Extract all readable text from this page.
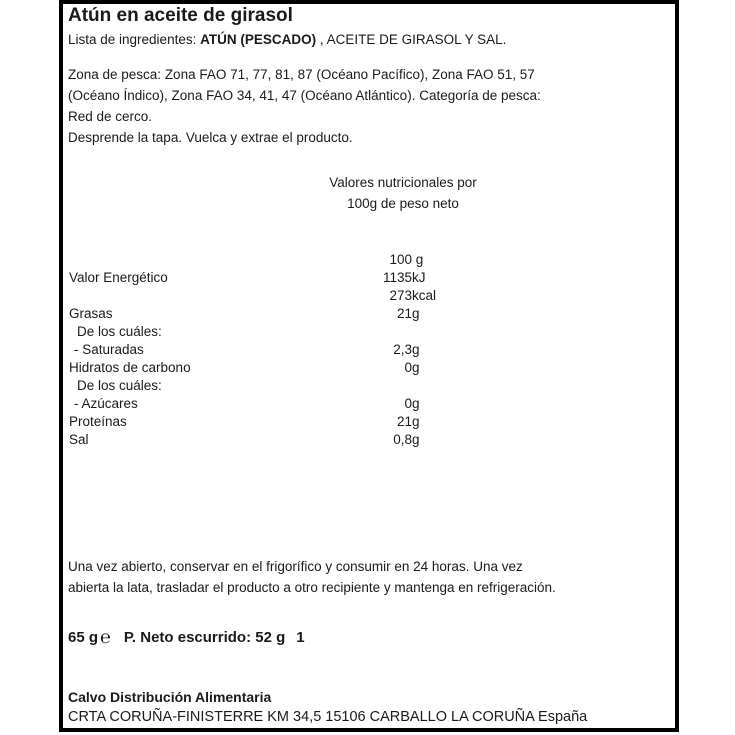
Atún en aceite de girasol
Lista de ingredientes: ATÚN (PESCADO) , ACEITE DE GIRASOL Y SAL.
Zona de pesca: Zona FAO 71, 77, 81, 87 (Océano Pacífico), Zona FAO 51, 57
(Océano Índico), Zona FAO 34, 41, 47 (Océano Atlántico). Categoría de pesca:
Red de cerco.
Desprende la tapa. Vuelca y extrae el producto.
Valores nutricionales por
100g de peso neto
100 g
Valor Energético	1135kJ
273kcal
Grasas	21g
De los cuáles:
- Saturadas	2,3g
Hidratos de carbono	0g
De los cuáles:
- Azúcares	0g
Proteínas	21g
Sal	0,8g
Una vez abierto, conservar en el frigorífico y consumir en 24 horas. Una vez
abierta la lata, trasladar el producto a otro recipiente y mantenga en refrigeración.
65 g ℮ P. Neto escurrido: 52 g 1
Calvo Distribución Alimentaria
CRTA CORUÑA-FINISTERRE KM 34,5 15106 CARBALLO LA CORUÑA España
